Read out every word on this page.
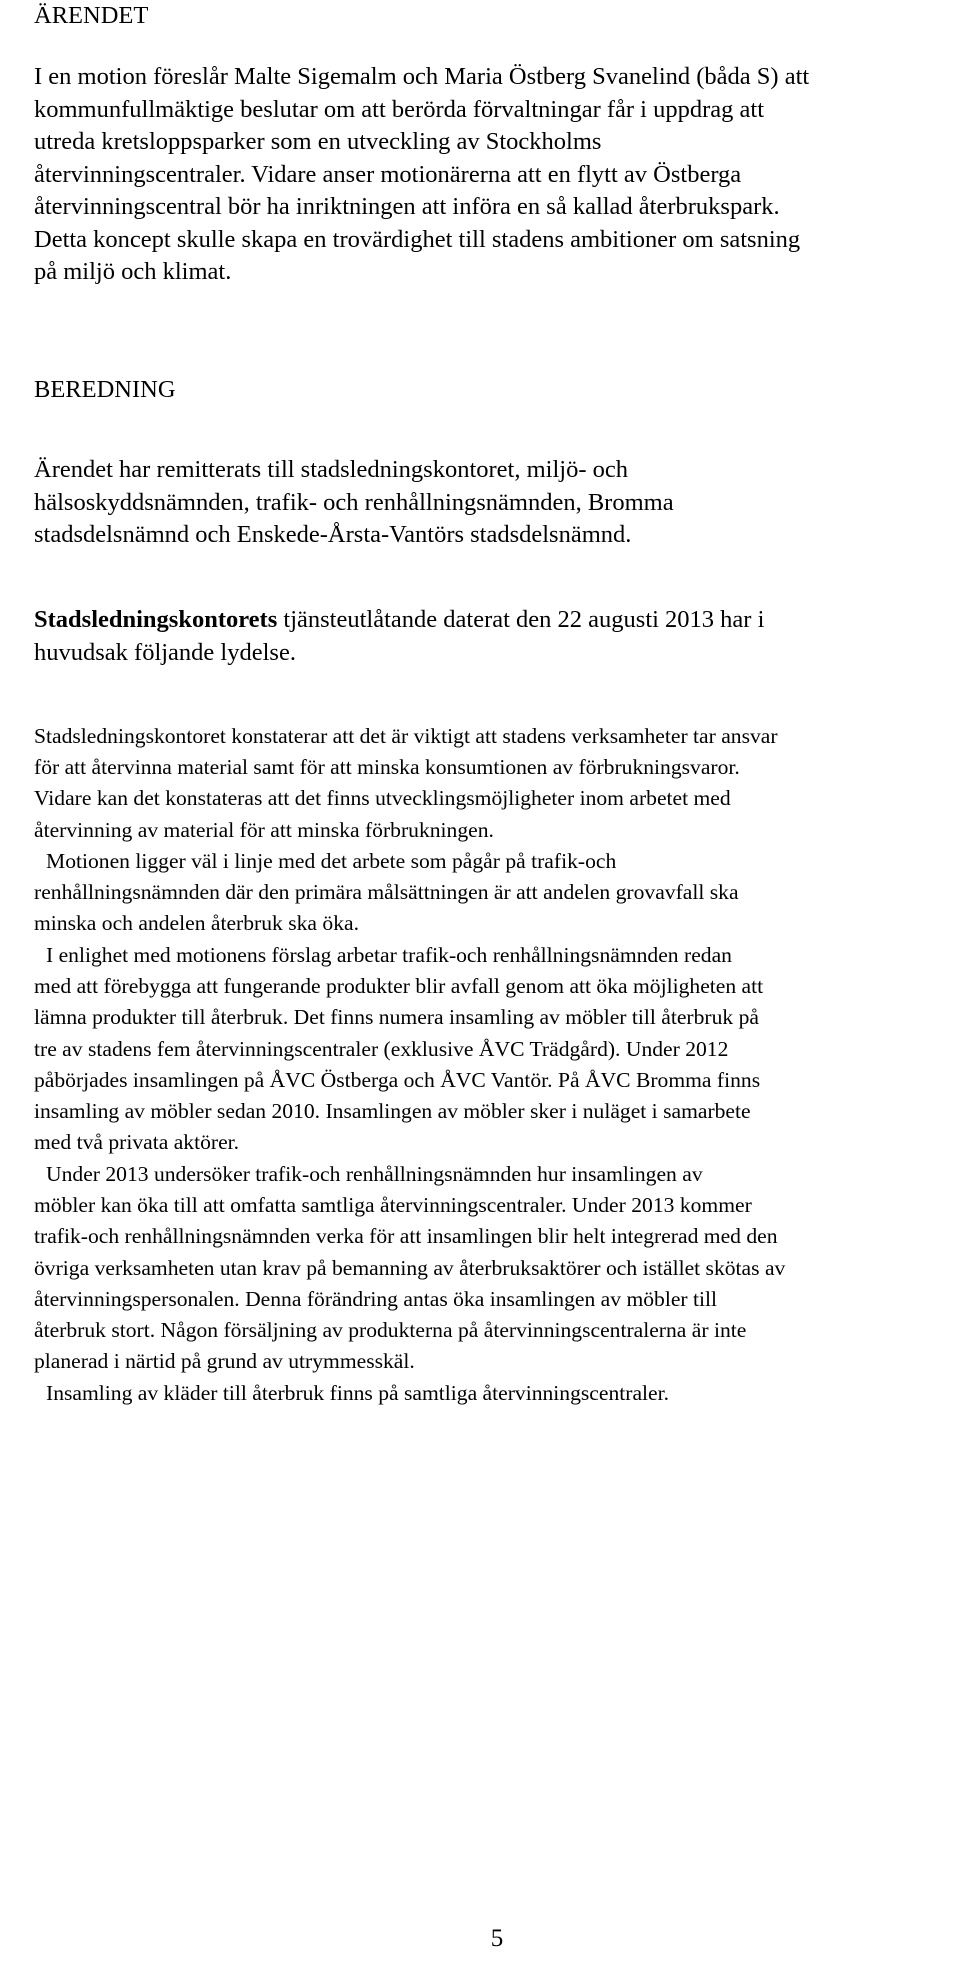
ÄRENDET
I en motion föreslår Malte Sigemalm och Maria Östberg Svanelind (båda S) att
kommunfullmäktige beslutar om att berörda förvaltningar får i uppdrag att
utreda kretsloppsparker som en utveckling av Stockholms
återvinningscentraler. Vidare anser motionärerna att en flytt av Östberga
återvinningscentral bör ha inriktningen att införa en så kallad återbrukspark.
Detta koncept skulle skapa en trovärdighet till stadens ambitioner om satsning
på miljö och klimat.
BEREDNING
Ärendet har remitterats till stadsledningskontoret, miljö- och
hälsoskyddsnämnden, trafik- och renhållningsnämnden, Bromma
stadsdelsnämnd och Enskede-Årsta-Vantörs stadsdelsnämnd.
Stadsledningskontorets tjänsteutlåtande daterat den 22 augusti 2013 har i
huvudsak följande lydelse.
Stadsledningskontoret konstaterar att det är viktigt att stadens verksamheter tar ansvar
för att återvinna material samt för att minska konsumtionen av förbrukningsvaror.
Vidare kan det konstateras att det finns utvecklingsmöjligheter inom arbetet med
återvinning av material för att minska förbrukningen.
Motionen ligger väl i linje med det arbete som pågår på trafik-och
renhållningsnämnden där den primära målsättningen är att andelen grovavfall ska
minska och andelen återbruk ska öka.
I enlighet med motionens förslag arbetar trafik-och renhållningsnämnden redan
med att förebygga att fungerande produkter blir avfall genom att öka möjligheten att
lämna produkter till återbruk. Det finns numera insamling av möbler till återbruk på
tre av stadens fem återvinningscentraler (exklusive ÅVC Trädgård). Under 2012
påbörjades insamlingen på ÅVC Östberga och ÅVC Vantör. På ÅVC Bromma finns
insamling av möbler sedan 2010. Insamlingen av möbler sker i nuläget i samarbete
med två privata aktörer.
Under 2013 undersöker trafik-och renhållningsnämnden hur insamlingen av
möbler kan öka till att omfatta samtliga återvinningscentraler. Under 2013 kommer
trafik-och renhållningsnämnden verka för att insamlingen blir helt integrerad med den
övriga verksamheten utan krav på bemanning av återbruksaktörer och istället skötas av
återvinningspersonalen. Denna förändring antas öka insamlingen av möbler till
återbruk stort. Någon försäljning av produkterna på återvinningscentralerna är inte
planerad i närtid på grund av utrymmesskäl.
Insamling av kläder till återbruk finns på samtliga återvinningscentraler.
5
